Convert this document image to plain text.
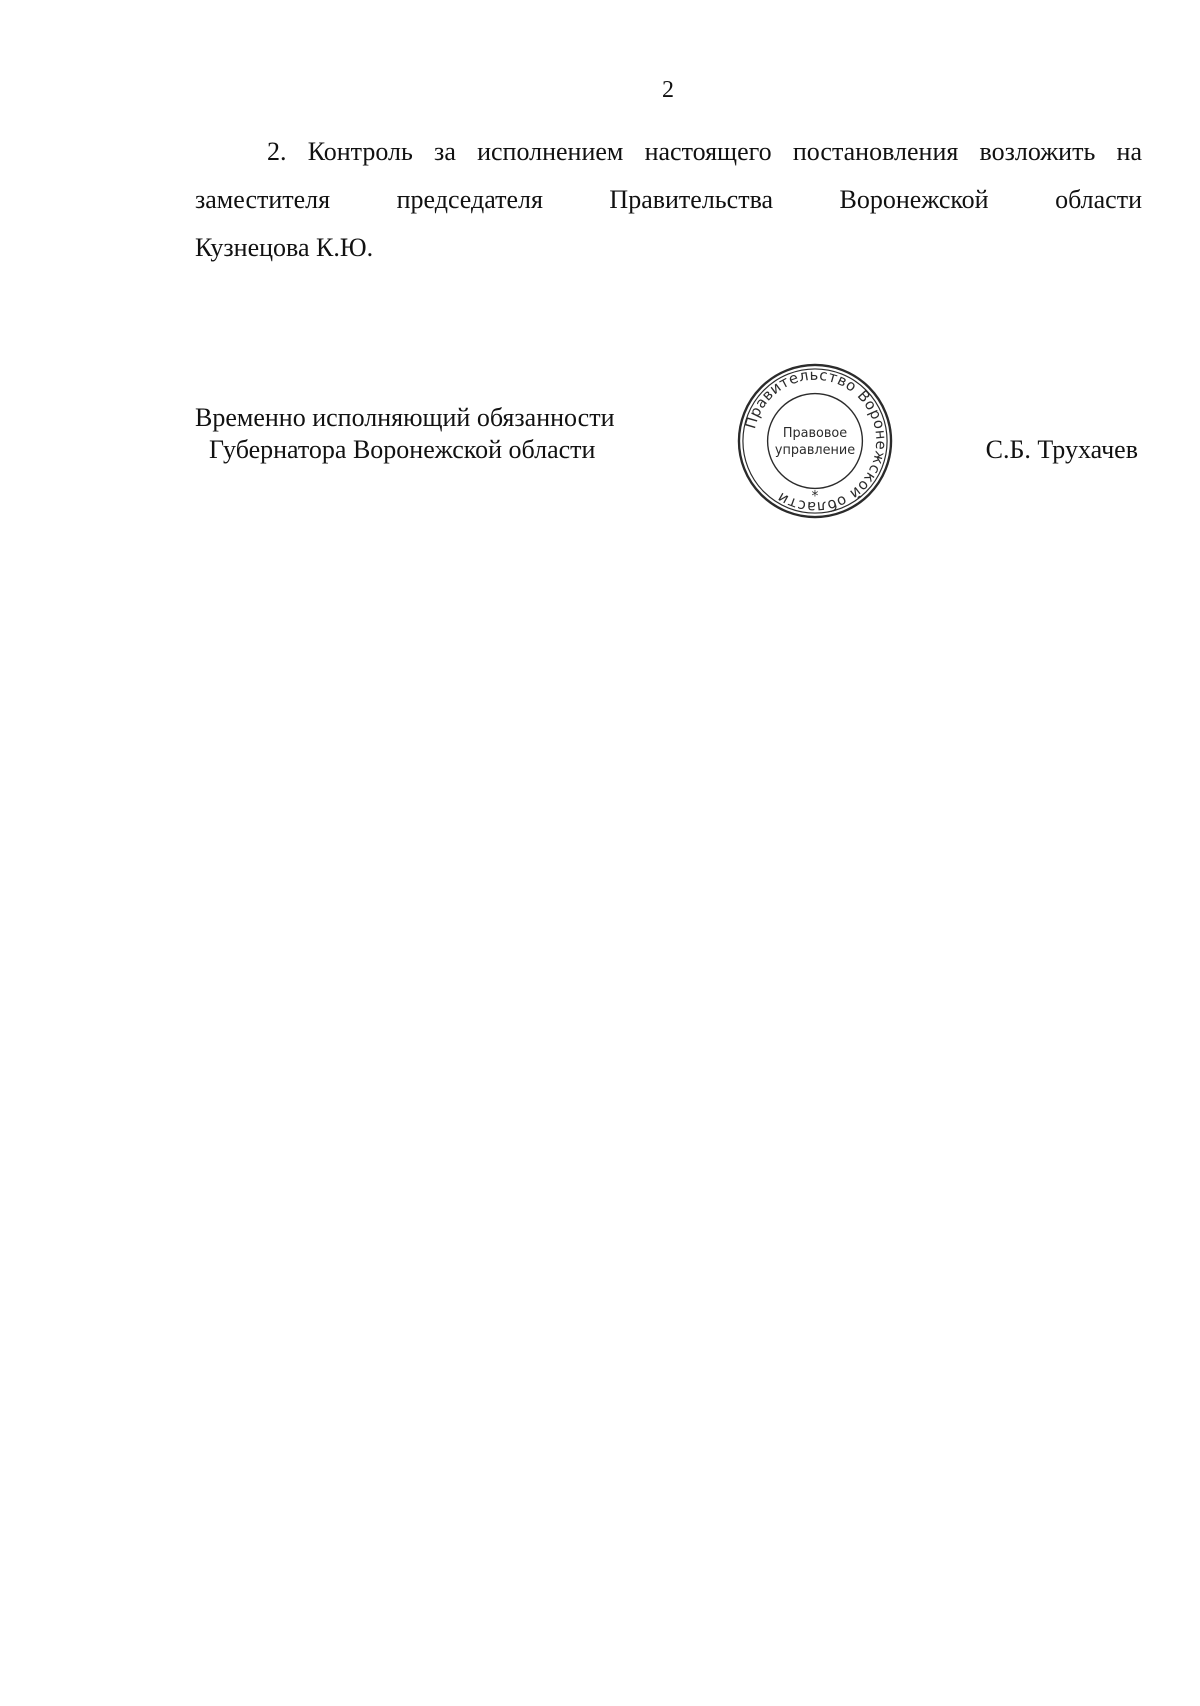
2
2. Контроль за исполнением настоящего постановления возложить на
заместителя председателя Правительства Воронежской области
Кузнецова К.Ю.
Временно исполняющий обязанности
Губернатора Воронежской области
Правительство Воронежской области
Правовое
управление
*
С.Б. Трухачев
